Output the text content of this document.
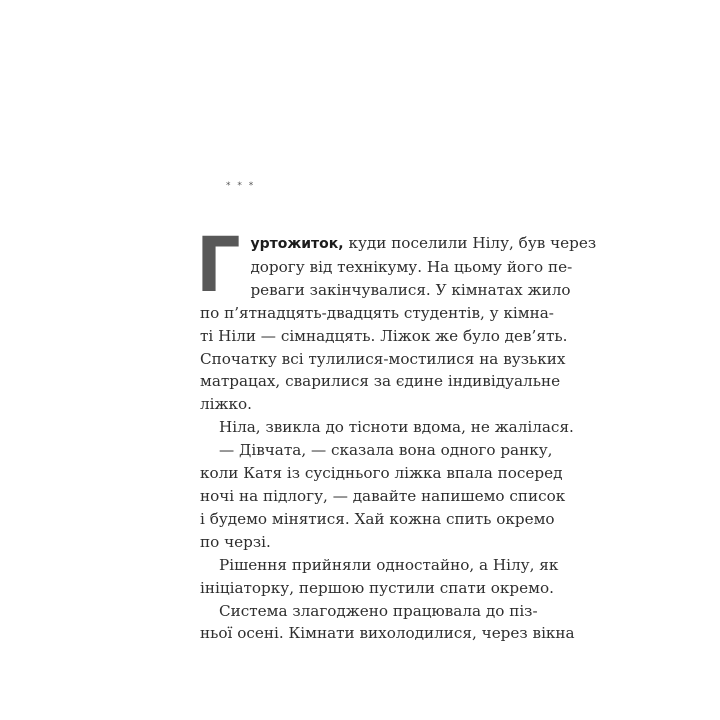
* * *
Г уртожиток, куди поселили Нілу, був через
дорогу від технікуму. На цьому його пе-
реваги закінчувалися. У кімнатах жило
по п’ятнадцять-двадцять студентів, у кімна-
ті Ніли — сімнадцять. Ліжок же було дев’ять.
Спочатку всі тулилися-мостилися на вузьких
матрацах, сварилися за єдине індивідуальне
ліжко.
Ніла, звикла до тісноти вдома, не жалілася.
— Дівчата, — сказала вона одного ранку,
коли Катя із сусіднього ліжка впала посеред
ночі на підлогу, — давайте напишемо список
і будемо мінятися. Хай кожна спить окремо
по черзі.
Рішення прийняли одностайно, а Нілу, як
ініціаторку, першою пустили спати окремо.
Система злагоджено працювала до піз-
ньої осені. Кімнати вихолодилися, через вікна
